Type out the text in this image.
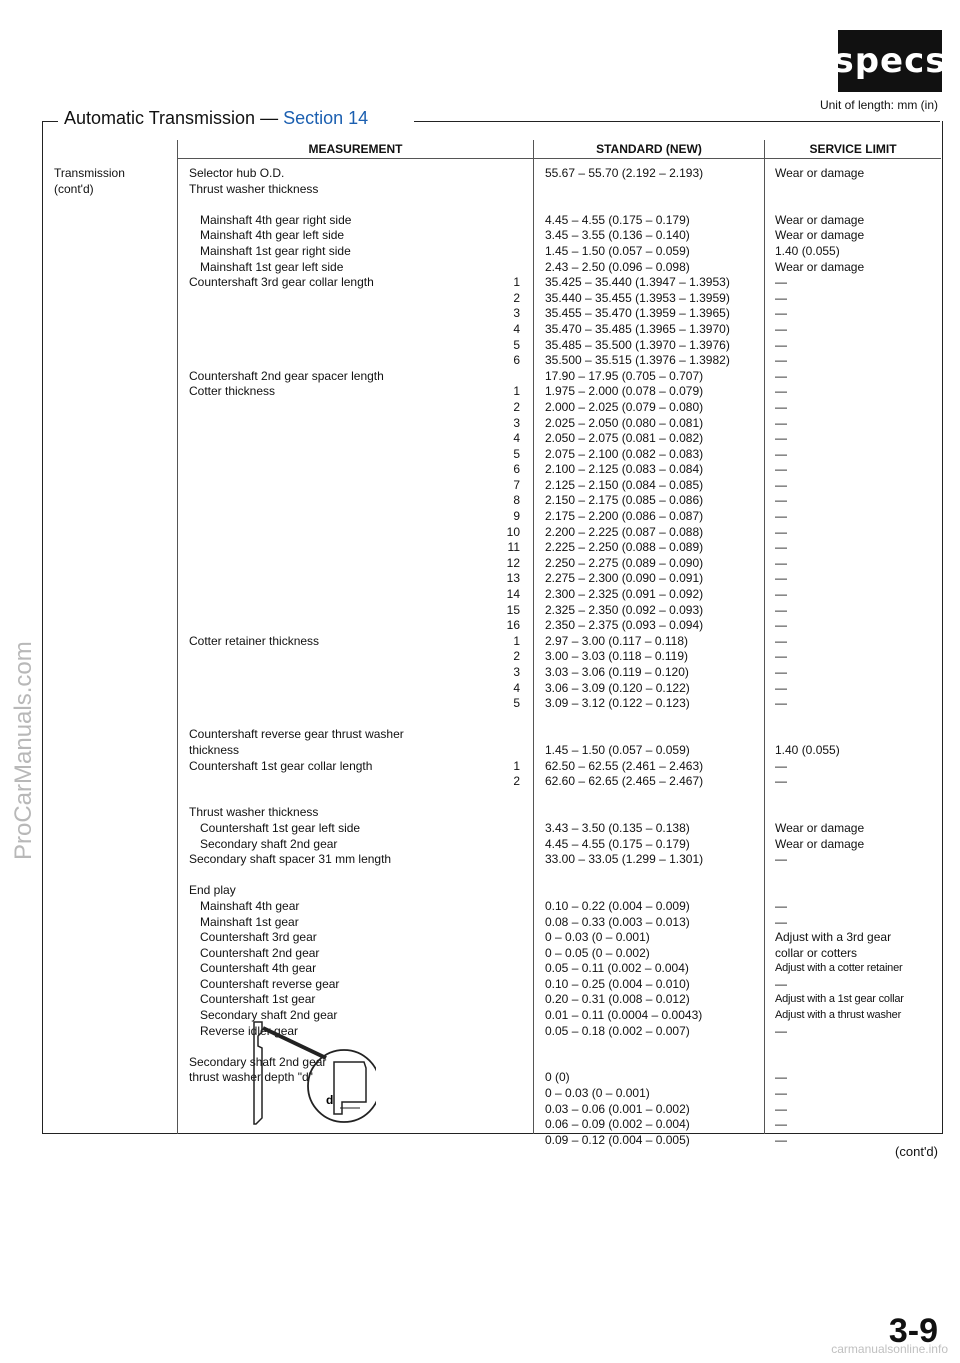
specs
Unit of length: mm (in)
Automatic Transmission — Section 14
MEASUREMENT	STANDARD (NEW)	SERVICE LIMIT
Transmission
(cont'd)
Selector hub O.D.
Thrust washer thickness
Mainshaft 4th gear right side
Mainshaft 4th gear left side
Mainshaft 1st gear right side
Mainshaft 1st gear left side
Countershaft 3rd gear collar length
Countershaft 2nd gear spacer length
Cotter thickness
Cotter retainer thickness
Countershaft reverse gear thrust washer
thickness
Countershaft 1st gear collar length
Thrust washer thickness
Countershaft 1st gear left side
Secondary shaft 2nd gear
Secondary shaft spacer 31 mm length
End play
Mainshaft 4th gear
Mainshaft 1st gear
Countershaft 3rd gear
Countershaft 2nd gear
Countershaft 4th gear
Countershaft reverse gear
Countershaft 1st gear
Secondary shaft 2nd gear
Reverse idler gear
Secondary shaft 2nd gear
thrust washer depth "d"
1
2
3
4
5
6
1
2
3
4
5
6
7
8
9
10
11
12
13
14
15
16
1
2
3
4
5
1
2
55.67 – 55.70 (2.192 – 2.193)
4.45 – 4.55 (0.175 – 0.179)
3.45 – 3.55 (0.136 – 0.140)
1.45 – 1.50 (0.057 – 0.059)
2.43 – 2.50 (0.096 – 0.098)
35.425 – 35.440 (1.3947 – 1.3953)
35.440 – 35.455 (1.3953 – 1.3959)
35.455 – 35.470 (1.3959 – 1.3965)
35.470 – 35.485 (1.3965 – 1.3970)
35.485 – 35.500 (1.3970 – 1.3976)
35.500 – 35.515 (1.3976 – 1.3982)
17.90 – 17.95 (0.705 – 0.707)
1.975 – 2.000 (0.078 – 0.079)
2.000 – 2.025 (0.079 – 0.080)
2.025 – 2.050 (0.080 – 0.081)
2.050 – 2.075 (0.081 – 0.082)
2.075 – 2.100 (0.082 – 0.083)
2.100 – 2.125 (0.083 – 0.084)
2.125 – 2.150 (0.084 – 0.085)
2.150 – 2.175 (0.085 – 0.086)
2.175 – 2.200 (0.086 – 0.087)
2.200 – 2.225 (0.087 – 0.088)
2.225 – 2.250 (0.088 – 0.089)
2.250 – 2.275 (0.089 – 0.090)
2.275 – 2.300 (0.090 – 0.091)
2.300 – 2.325 (0.091 – 0.092)
2.325 – 2.350 (0.092 – 0.093)
2.350 – 2.375 (0.093 – 0.094)
2.97 – 3.00 (0.117 – 0.118)
3.00 – 3.03 (0.118 – 0.119)
3.03 – 3.06 (0.119 – 0.120)
3.06 – 3.09 (0.120 – 0.122)
3.09 – 3.12 (0.122 – 0.123)
1.45 – 1.50 (0.057 – 0.059)
62.50 – 62.55 (2.461 – 2.463)
62.60 – 62.65 (2.465 – 2.467)
3.43 – 3.50 (0.135 – 0.138)
4.45 – 4.55 (0.175 – 0.179)
33.00 – 33.05 (1.299 – 1.301)
0.10 – 0.22 (0.004 – 0.009)
0.08 – 0.33 (0.003 – 0.013)
0 – 0.03 (0 – 0.001)
0 – 0.05 (0 – 0.002)
0.05 – 0.11 (0.002 – 0.004)
0.10 – 0.25 (0.004 – 0.010)
0.20 – 0.31 (0.008 – 0.012)
0.01 – 0.11 (0.0004 – 0.0043)
0.05 – 0.18 (0.002 – 0.007)
0 (0)
0 – 0.03 (0 – 0.001)
0.03 – 0.06 (0.001 – 0.002)
0.06 – 0.09 (0.002 – 0.004)
0.09 – 0.12 (0.004 – 0.005)
Wear or damage
Wear or damage
Wear or damage
1.40 (0.055)
Wear or damage
—
—
—
—
—
—
—
—
—
—
—
—
—
—
—
—
—
—
—
—
—
—
—
—
—
—
—
—
1.40 (0.055)
—
—
Wear or damage
Wear or damage
—
—
—
Adjust with a 3rd gear
collar or cotters
Adjust with a cotter retainer
—
Adjust with a 1st gear collar
Adjust with a thrust washer
—
—
—
—
—
—
d
ProCarManuals.com
(cont'd)
3-9
carmanualsonline.info
